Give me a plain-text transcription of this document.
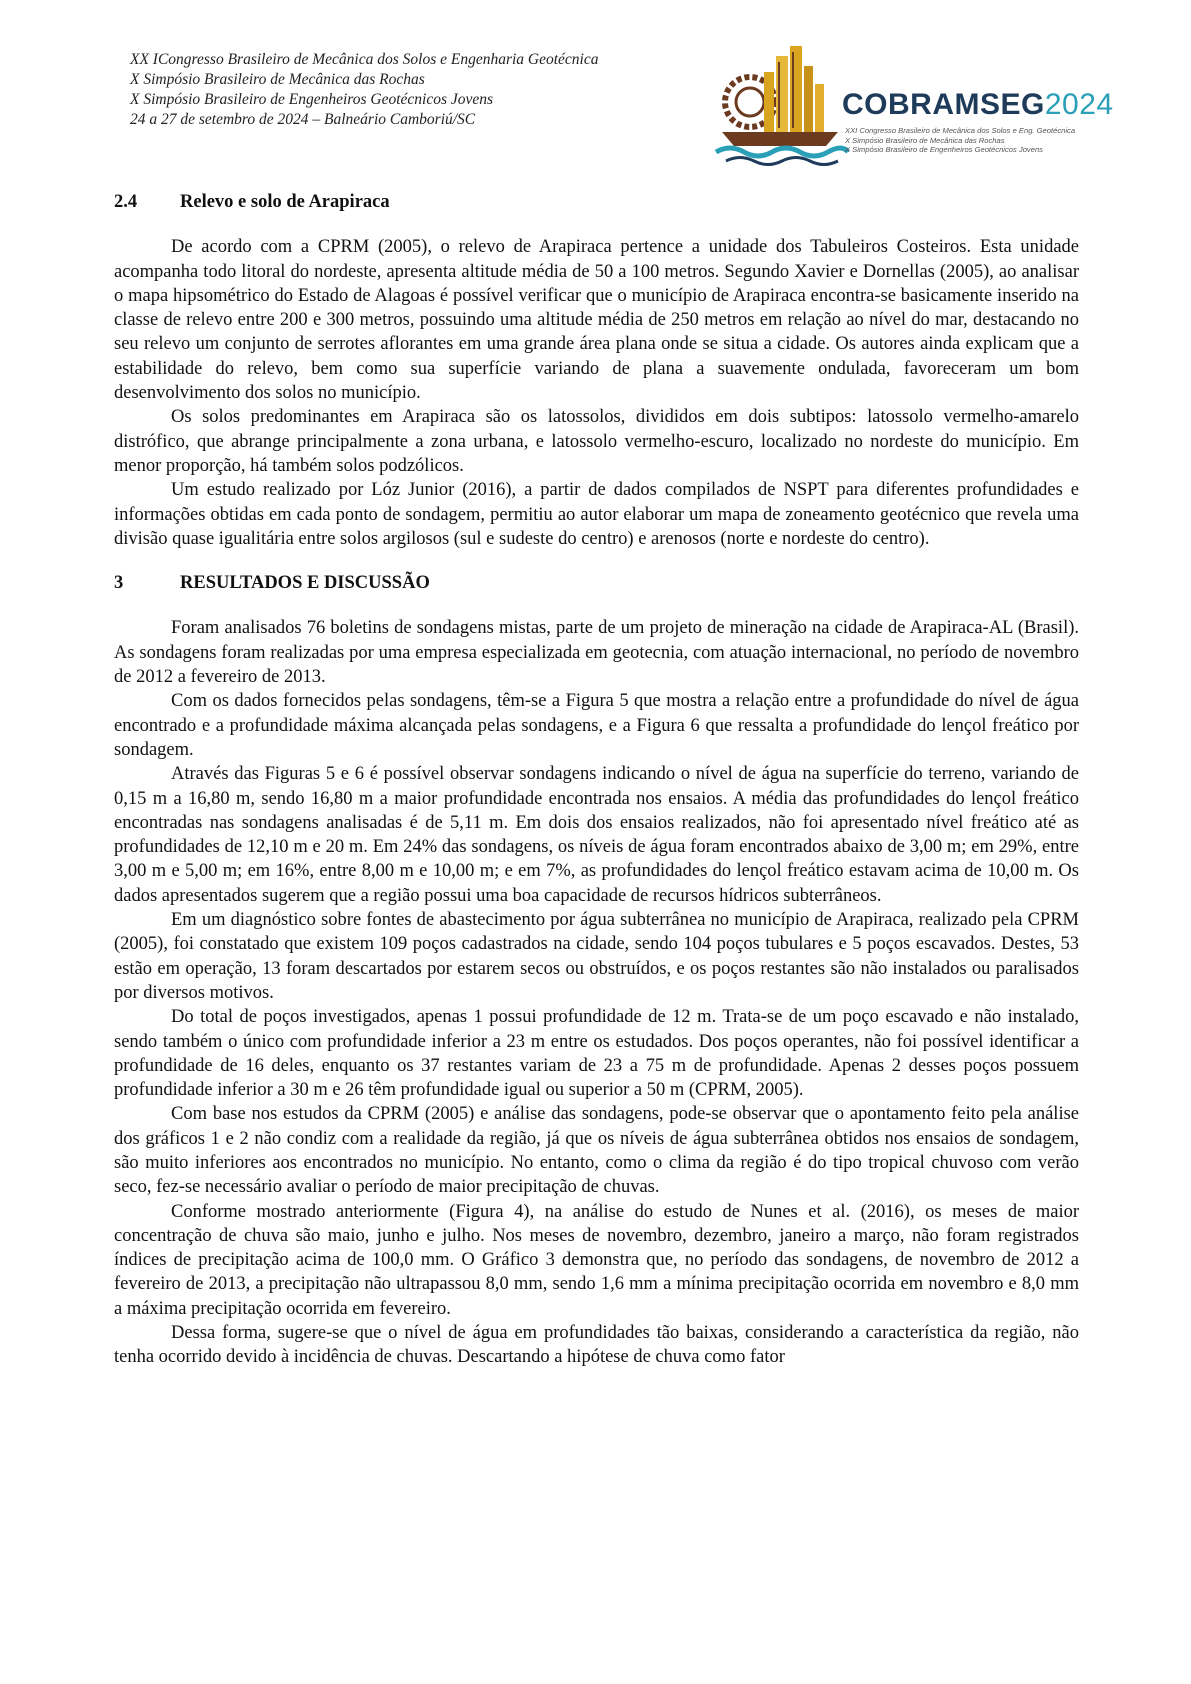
XX ICongresso Brasileiro de Mecânica dos Solos e Engenharia Geotécnica
X Simpósio Brasileiro de Mecânica das Rochas
X Simpósio Brasileiro de Engenheiros Geotécnicos Jovens
24 a 27 de setembro de 2024 – Balneário Camboriú/SC	COBRAMSEG2024
XXI Congresso Brasileiro de Mecânica dos Solos e Eng. Geotécnica
X Simpósio Brasileiro de Mecânica das Rochas
X Simpósio Brasileiro de Engenheiros Geotécnicos Jovens
2.4	Relevo e solo de Arapiraca

De acordo com a CPRM (2005), o relevo de Arapiraca pertence a unidade dos Tabuleiros Costeiros. Esta unidade acompanha todo litoral do nordeste, apresenta altitude média de 50 a 100 metros. Segundo Xavier e Dornellas (2005), ao analisar o mapa hipsométrico do Estado de Alagoas é possível verificar que o município de Arapiraca encontra-se basicamente inserido na classe de relevo entre 200 e 300 metros, possuindo uma altitude média de 250 metros em relação ao nível do mar, destacando no seu relevo um conjunto de serrotes aflorantes em uma grande área plana onde se situa a cidade. Os autores ainda explicam que a estabilidade do relevo, bem como sua superfície variando de plana a suavemente ondulada, favoreceram um bom desenvolvimento dos solos no município.

Os solos predominantes em Arapiraca são os latossolos, divididos em dois subtipos: latossolo vermelho-amarelo distrófico, que abrange principalmente a zona urbana, e latossolo vermelho-escuro, localizado no nordeste do município. Em menor proporção, há também solos podzólicos.

Um estudo realizado por Lóz Junior (2016), a partir de dados compilados de NSPT para diferentes profundidades e informações obtidas em cada ponto de sondagem, permitiu ao autor elaborar um mapa de zoneamento geotécnico que revela uma divisão quase igualitária entre solos argilosos (sul e sudeste do centro) e arenosos (norte e nordeste do centro).

3	RESULTADOS E DISCUSSÃO

Foram analisados 76 boletins de sondagens mistas, parte de um projeto de mineração na cidade de Arapiraca-AL (Brasil). As sondagens foram realizadas por uma empresa especializada em geotecnia, com atuação internacional, no período de novembro de 2012 a fevereiro de 2013.

Com os dados fornecidos pelas sondagens, têm-se a Figura 5 que mostra a relação entre a profundidade do nível de água encontrado e a profundidade máxima alcançada pelas sondagens, e a Figura 6 que ressalta a profundidade do lençol freático por sondagem.

Através das Figuras 5 e 6 é possível observar sondagens indicando o nível de água na superfície do terreno, variando de 0,15 m a 16,80 m, sendo 16,80 m a maior profundidade encontrada nos ensaios. A média das profundidades do lençol freático encontradas nas sondagens analisadas é de 5,11 m. Em dois dos ensaios realizados, não foi apresentado nível freático até as profundidades de 12,10 m e 20 m. Em 24% das sondagens, os níveis de água foram encontrados abaixo de 3,00 m; em 29%, entre 3,00 m e 5,00 m; em 16%, entre 8,00 m e 10,00 m; e em 7%, as profundidades do lençol freático estavam acima de 10,00 m. Os dados apresentados sugerem que a região possui uma boa capacidade de recursos hídricos subterrâneos.

Em um diagnóstico sobre fontes de abastecimento por água subterrânea no município de Arapiraca, realizado pela CPRM (2005), foi constatado que existem 109 poços cadastrados na cidade, sendo 104 poços tubulares e 5 poços escavados. Destes, 53 estão em operação, 13 foram descartados por estarem secos ou obstruídos, e os poços restantes são não instalados ou paralisados por diversos motivos.

Do total de poços investigados, apenas 1 possui profundidade de 12 m. Trata-se de um poço escavado e não instalado, sendo também o único com profundidade inferior a 23 m entre os estudados. Dos poços operantes, não foi possível identificar a profundidade de 16 deles, enquanto os 37 restantes variam de 23 a 75 m de profundidade. Apenas 2 desses poços possuem profundidade inferior a 30 m e 26 têm profundidade igual ou superior a 50 m (CPRM, 2005).

Com base nos estudos da CPRM (2005) e análise das sondagens, pode-se observar que o apontamento feito pela análise dos gráficos 1 e 2 não condiz com a realidade da região, já que os níveis de água subterrânea obtidos nos ensaios de sondagem, são muito inferiores aos encontrados no município. No entanto, como o clima da região é do tipo tropical chuvoso com verão seco, fez-se necessário avaliar o período de maior precipitação de chuvas.

Conforme mostrado anteriormente (Figura 4), na análise do estudo de Nunes et al. (2016), os meses de maior concentração de chuva são maio, junho e julho. Nos meses de novembro, dezembro, janeiro a março, não foram registrados índices de precipitação acima de 100,0 mm. O Gráfico 3 demonstra que, no período das sondagens, de novembro de 2012 a fevereiro de 2013, a precipitação não ultrapassou 8,0 mm, sendo 1,6 mm a mínima precipitação ocorrida em novembro e 8,0 mm a máxima precipitação ocorrida em fevereiro.

Dessa forma, sugere-se que o nível de água em profundidades tão baixas, considerando a característica da região, não tenha ocorrido devido à incidência de chuvas. Descartando a hipótese de chuva como fator
